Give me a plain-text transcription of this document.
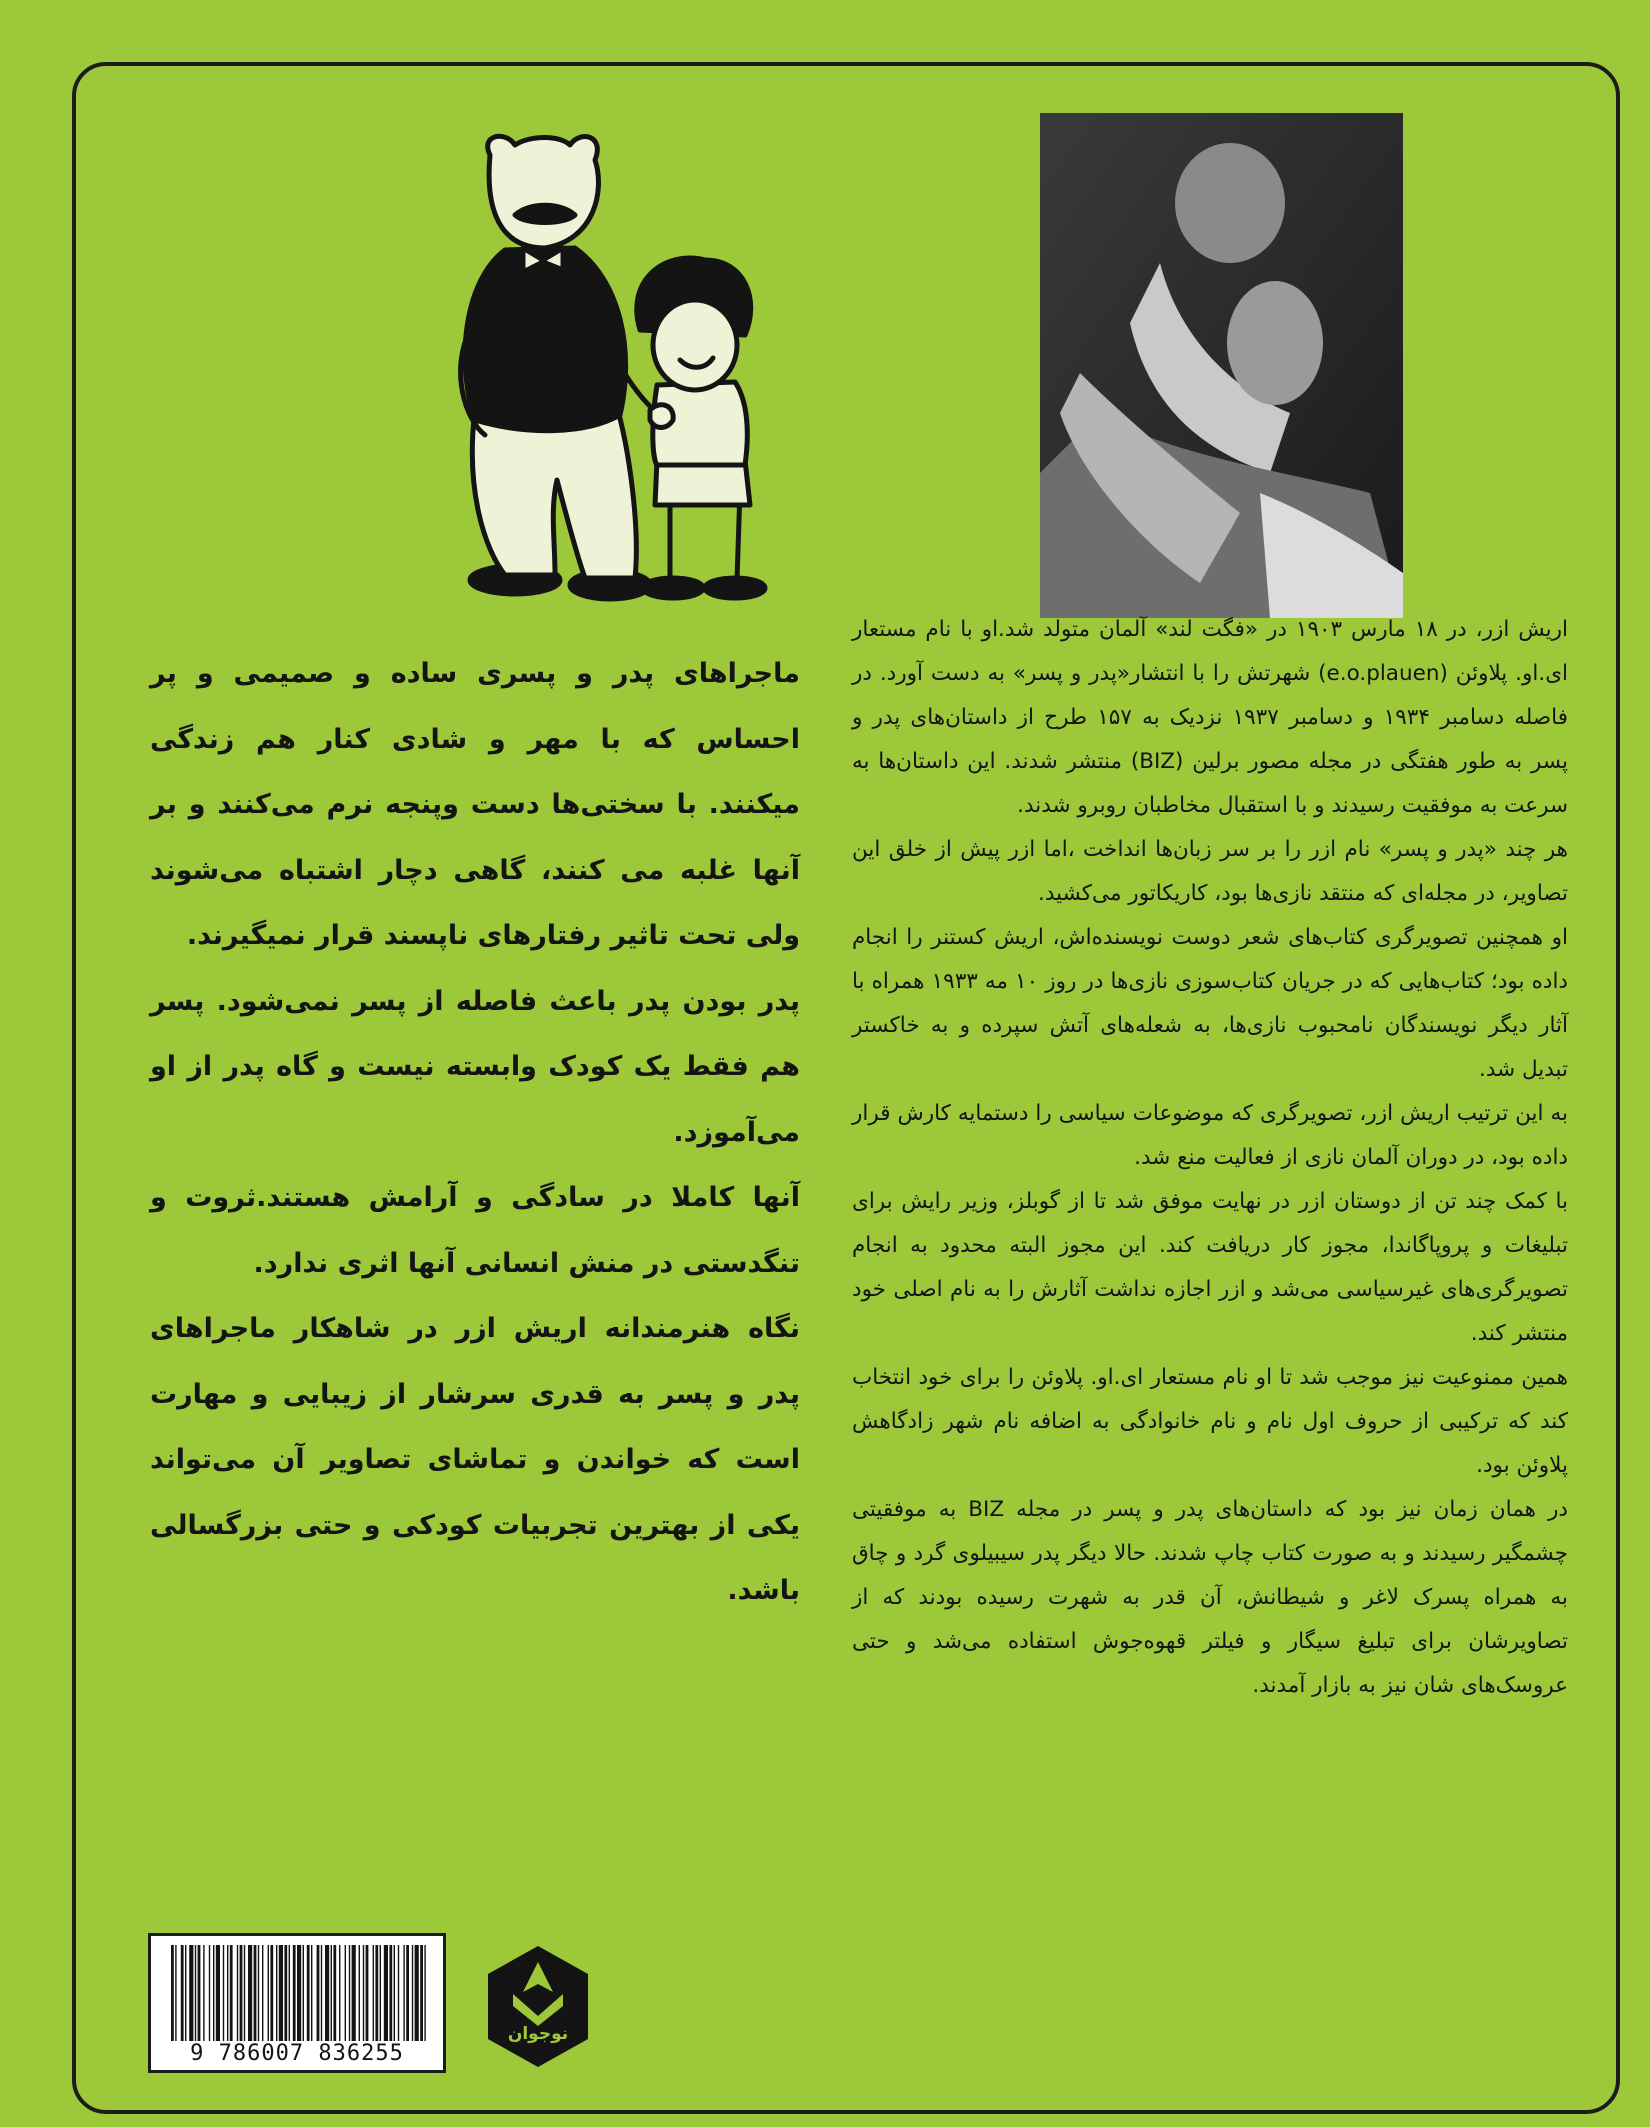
اریش ازر، در ۱۸ مارس ۱۹۰۳ در «فگت لند» آلمان متولد شد.او با نام مستعار ای.او. پلاوئن (e.o.plauen) شهرتش را با انتشار«پدر و پسر» به دست آورد. در فاصله دسامبر ۱۹۳۴ و دسامبر ۱۹۳۷ نزدیک به ۱۵۷ طرح از داستان‌های پدر و پسر به طور هفتگی در مجله مصور برلین (BIZ) منتشر شدند. این داستان‌ها به سرعت به موفقیت رسیدند و با استقبال مخاطبان روبرو شدند.

هر چند «پدر و پسر» نام ازر را بر سر زبان‌ها انداخت ،اما ازر پیش از خلق این تصاویر، در مجله‌ای که منتقد نازی‌ها بود، کاریکاتور می‌کشید.

او همچنین تصویرگری کتاب‌های شعر دوست نویسنده‌اش، اریش کستنر را انجام داده بود؛ کتاب‌هایی که در جریان کتاب‌سوزی نازی‌ها در روز ۱۰ مه ۱۹۳۳ همراه با آثار دیگر نویسندگان نامحبوب نازی‌ها، به شعله‌های آتش سپرده و به خاکستر تبدیل شد.

به این ترتیب اریش ازر، تصویرگری که موضوعات سیاسی را دستمایه کارش قرار داده بود، در دوران آلمان نازی از فعالیت منع شد.

با کمک چند تن از دوستان ازر در نهایت موفق شد تا از گوبلز، وزیر رایش برای تبلیغات و پروپاگاندا، مجوز کار دریافت کند. این مجوز البته محدود به انجام تصویرگری‌های غیرسیاسی می‌شد و ازر اجازه نداشت آثارش را به نام اصلی خود منتشر کند.

همین ممنوعیت نیز موجب شد تا او نام مستعار ای.او. پلاوئن را برای خود انتخاب کند که ترکیبی از حروف اول نام و نام خانوادگی به اضافه نام شهر زادگاهش پلاوئن بود.

در همان زمان نیز بود که داستان‌های پدر و پسر در مجله BIZ به موفقیتی چشمگیر رسیدند و به صورت کتاب چاپ شدند. حالا دیگر پدر سیبیلوی گرد و چاق به همراه پسرک لاغر و شیطانش، آن قدر به شهرت رسیده بودند که از تصاویرشان برای تبلیغ سیگار و فیلتر قهوه‌جوش استفاده می‌شد و حتی عروسک‌های شان نیز به بازار آمدند.

ماجراهای پدر و پسری ساده و صمیمی و پر احساس که با مهر و شادی کنار هم زندگی میکنند. با سختی‌ها دست وپنجه نرم می‌کنند و بر آنها غلبه می کنند، گاهی دچار اشتباه می‌شوند ولی تحت تاثیر رفتارهای ناپسند قرار نمیگیرند.

پدر بودن پدر باعث فاصله از پسر نمی‌شود. پسر هم فقط یک کودک وابسته نیست و گاه پدر از او می‌آموزد.

آنها کاملا در سادگی و آرامش هستند.ثروت و تنگدستی در منش انسانی آنها اثری ندارد.

نگاه هنرمندانه اریش ازر در شاهکار ماجراهای پدر و پسر به قدری سرشار از زیبایی و مهارت است که خواندن و تماشای تصاویر آن می‌تواند یکی از بهترین تجربیات کودکی و حتی بزرگسالی باشد.

9 786007 836255
نوجوان
